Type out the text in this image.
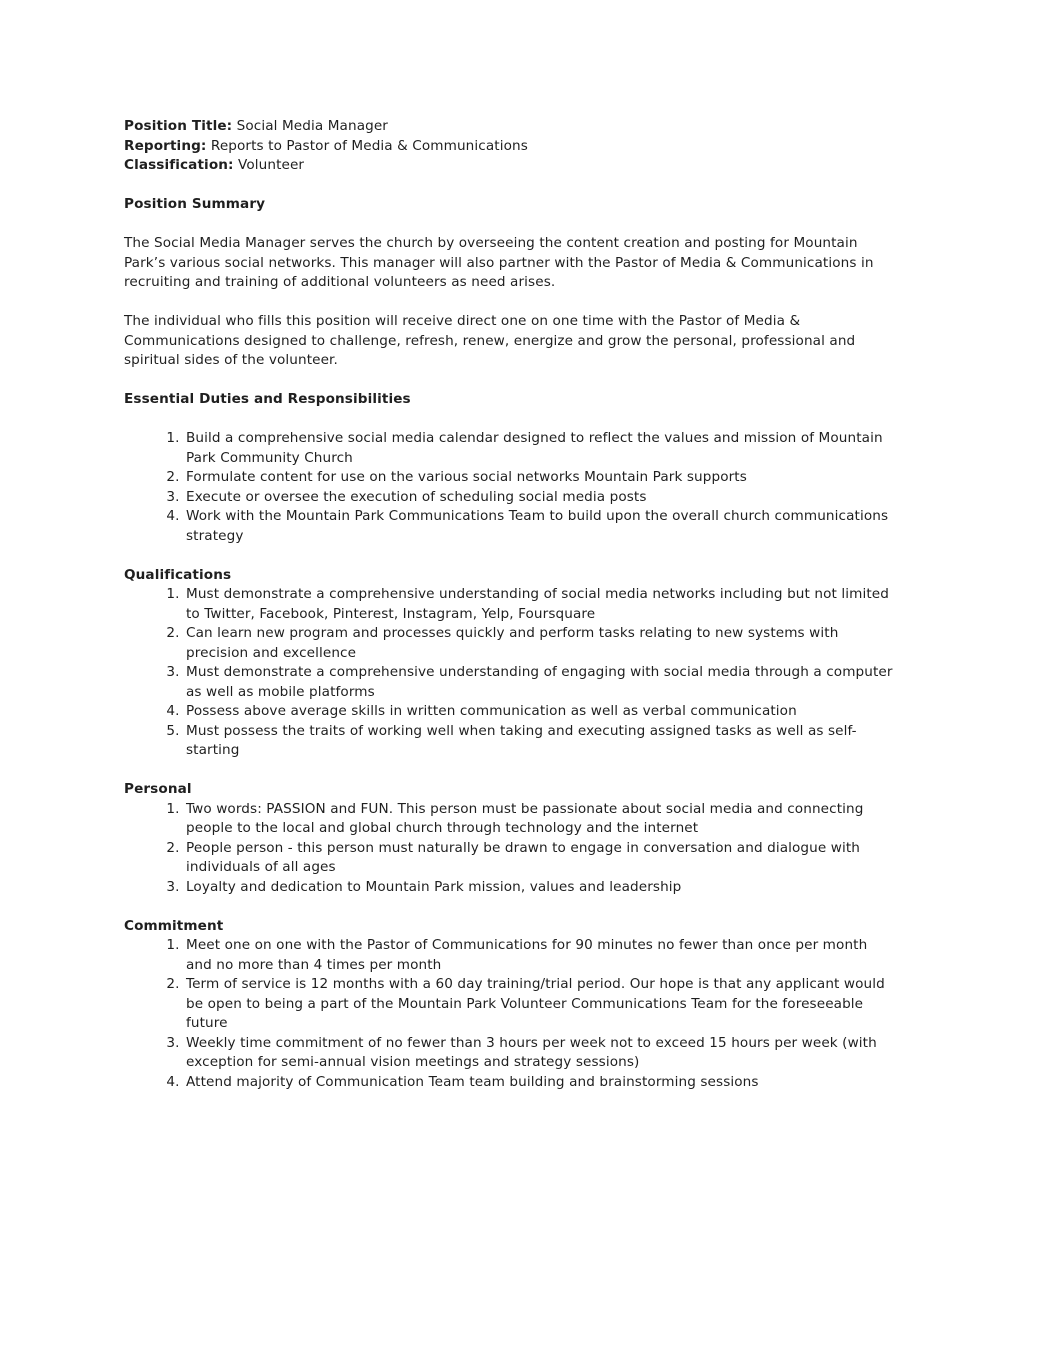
Position Title: Social Media Manager
Reporting: Reports to Pastor of Media & Communications
Classification: Volunteer
Position Summary

The Social Media Manager serves the church by overseeing the content creation and posting for Mountain Park’s various social networks. This manager will also partner with the Pastor of Media & Communications in recruiting and training of additional volunteers as need arises.

The individual who fills this position will receive direct one on one time with the Pastor of Media & Communications designed to challenge, refresh, renew, energize and grow the personal, professional and spiritual sides of the volunteer.

Essential Duties and Responsibilities
1. Build a comprehensive social media calendar designed to reflect the values and mission of Mountain Park Community Church
2. Formulate content for use on the various social networks Mountain Park supports
3. Execute or oversee the execution of scheduling social media posts
4. Work with the Mountain Park Communications Team to build upon the overall church communications strategy
Qualifications
1. Must demonstrate a comprehensive understanding of social media networks including but not limited to Twitter, Facebook, Pinterest, Instagram, Yelp, Foursquare
2. Can learn new program and processes quickly and perform tasks relating to new systems with precision and excellence
3. Must demonstrate a comprehensive understanding of engaging with social media through a computer as well as mobile platforms
4. Possess above average skills in written communication as well as verbal communication
5. Must possess the traits of working well when taking and executing assigned tasks as well as self-starting
Personal
1. Two words: PASSION and FUN. This person must be passionate about social media and connecting people to the local and global church through technology and the internet
2. People person - this person must naturally be drawn to engage in conversation and dialogue with individuals of all ages
3. Loyalty and dedication to Mountain Park mission, values and leadership
Commitment
1. Meet one on one with the Pastor of Communications for 90 minutes no fewer than once per month and no more than 4 times per month
2. Term of service is 12 months with a 60 day training/trial period. Our hope is that any applicant would be open to being a part of the Mountain Park Volunteer Communications Team for the foreseeable future
3. Weekly time commitment of no fewer than 3 hours per week not to exceed 15 hours per week (with exception for semi-annual vision meetings and strategy sessions)
4. Attend majority of Communication Team team building and brainstorming sessions
